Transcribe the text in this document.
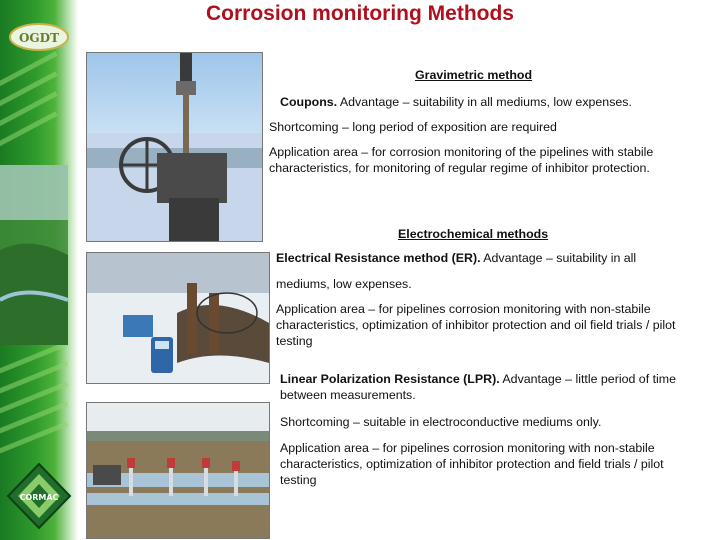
OGDT
CORMAC
Corrosion monitoring Methods
Gravimetric method
Coupons. Advantage – suitability in all mediums, low expenses.
Shortcoming – long period of exposition are required
Application area – for corrosion monitoring of the pipelines with stabile characteristics, for monitoring of regular regime of inhibitor protection.
Electrochemical methods
Electrical Resistance method (ER). Advantage – suitability in all
mediums, low expenses.
Application area – for pipelines corrosion monitoring with non-stabile characteristics, optimization of inhibitor protection and oil field trials / pilot testing
Linear Polarization Resistance (LPR). Advantage – little period of time between measurements.
Shortcoming – suitable in electroconductive mediums only.
Application area – for pipelines corrosion monitoring with non-stabile characteristics, optimization of inhibitor protection and field trials / pilot testing
